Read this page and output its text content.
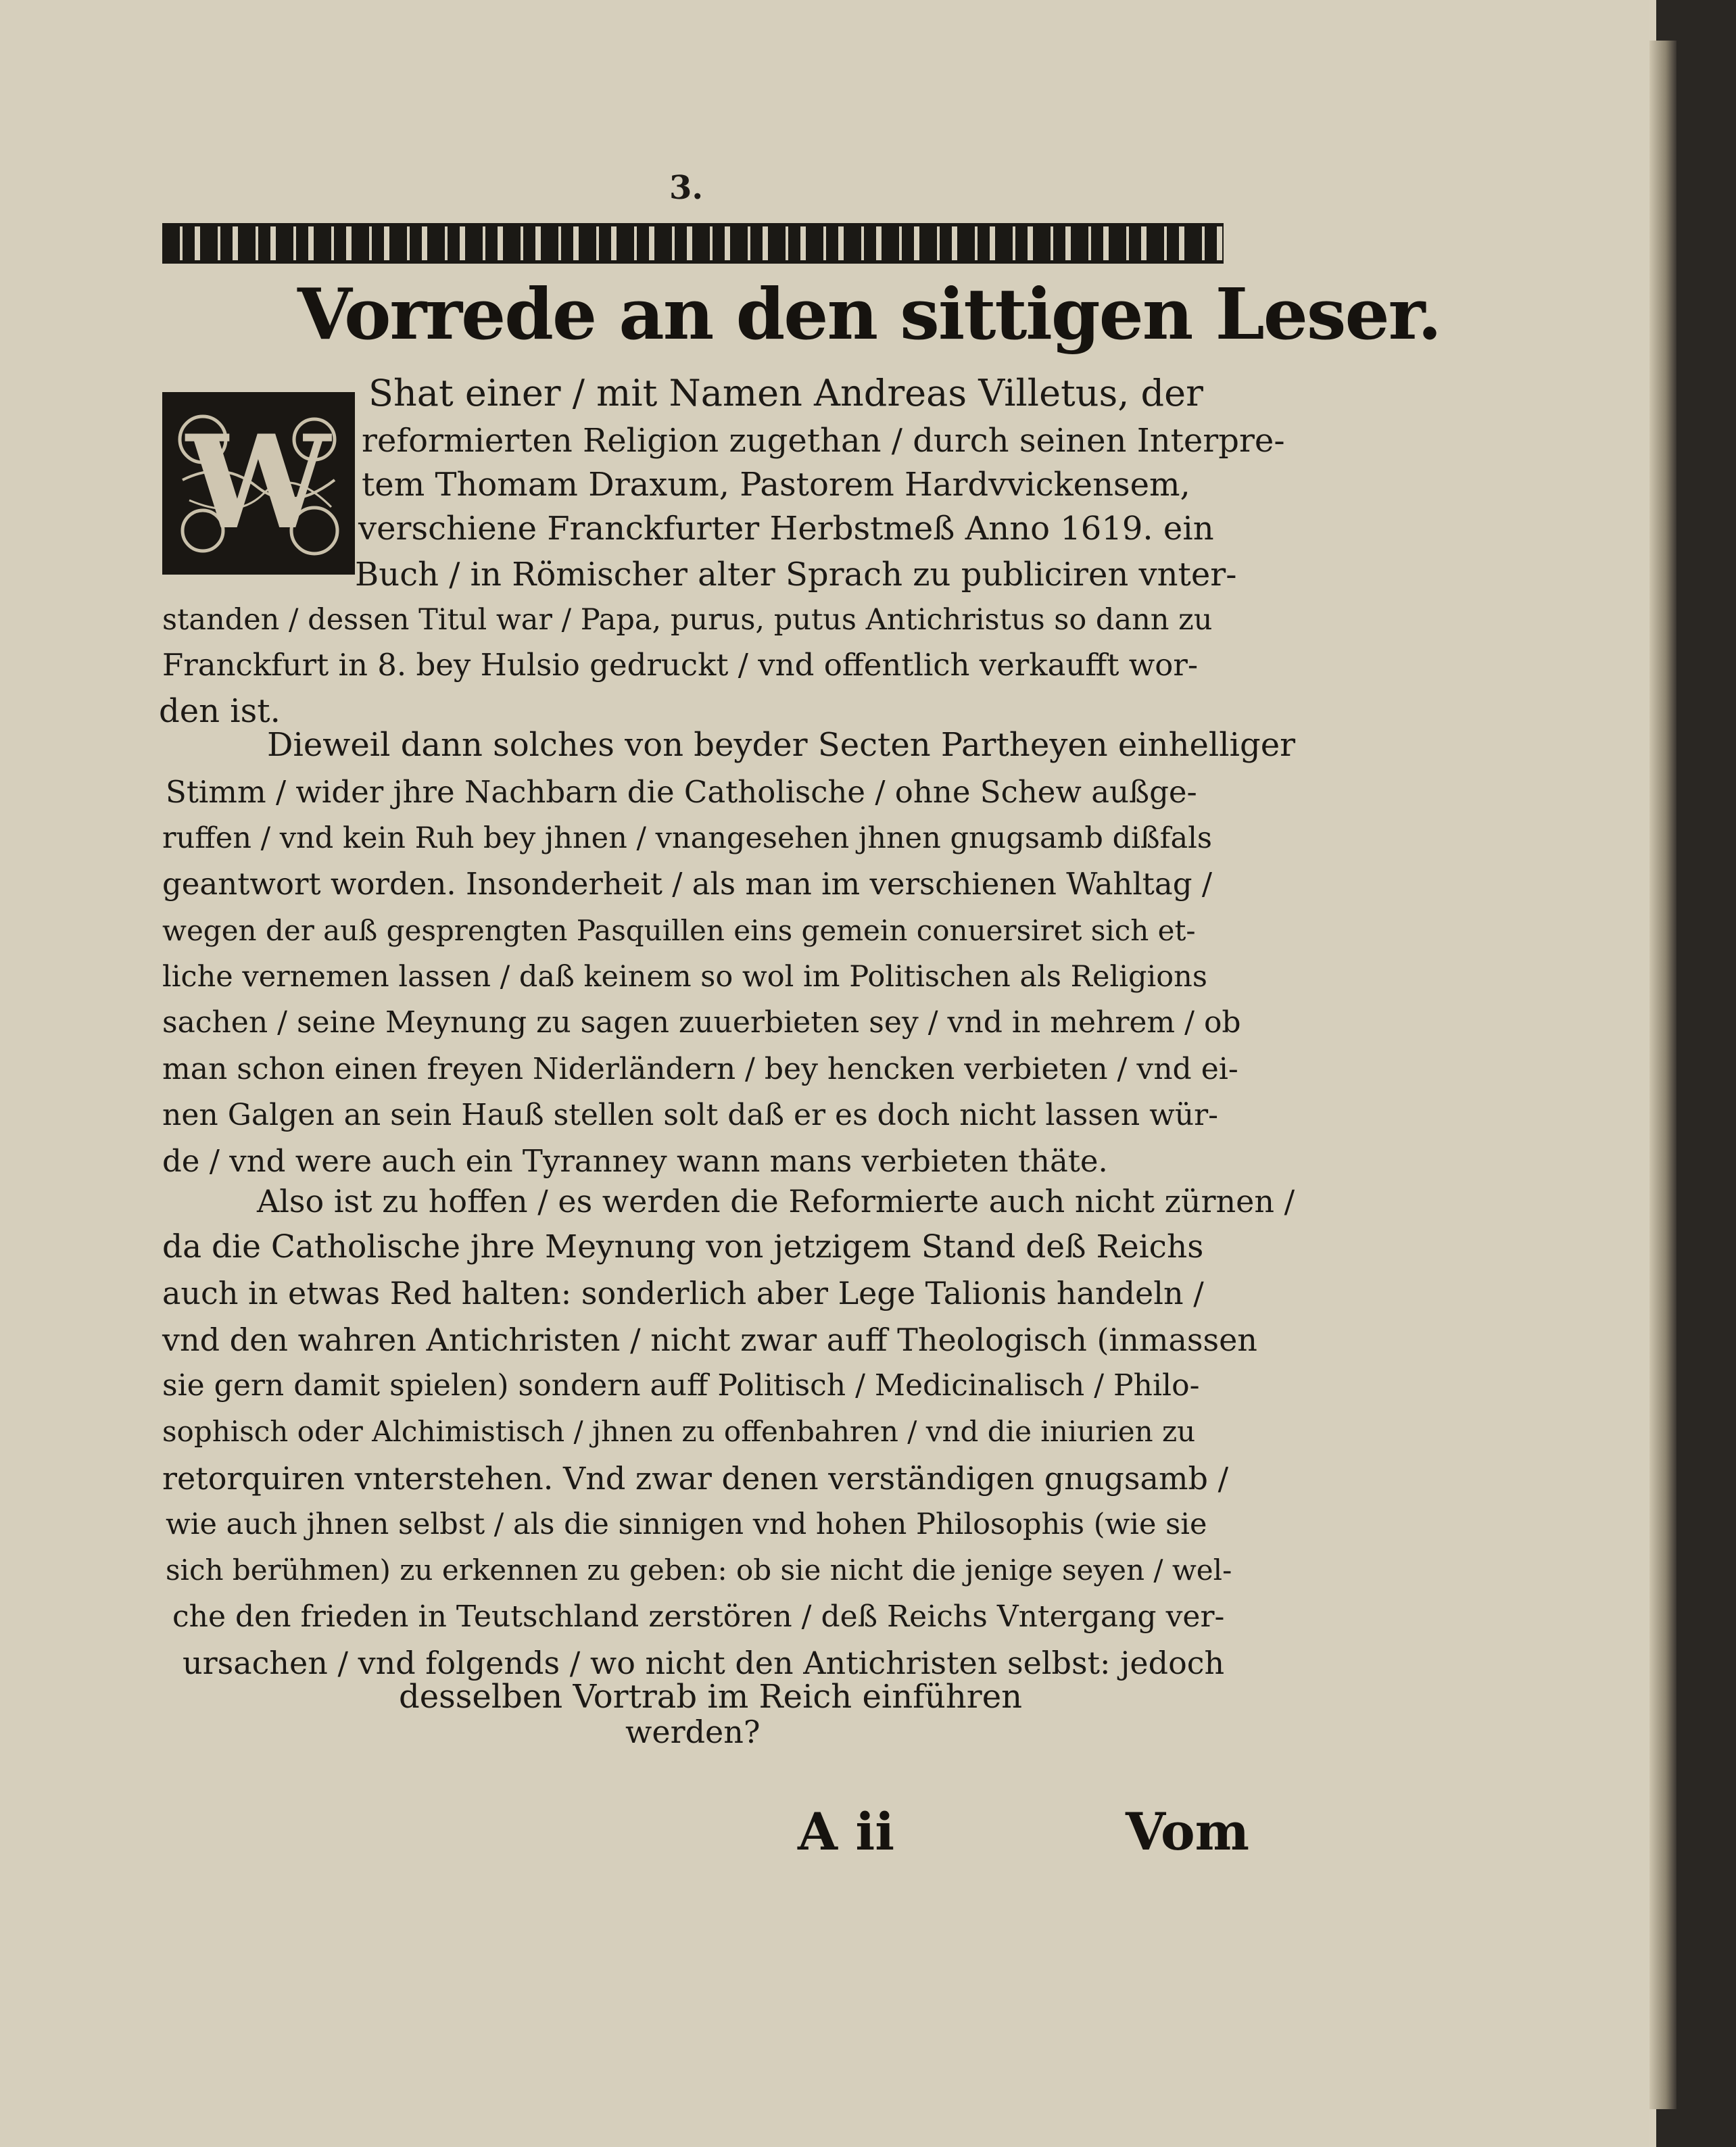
3.
Vorrede an den sittigen Leser.
W
Shat einer / mit Namen Andreas Villetus, der
reformierten Religion zugethan / durch seinen Interpre-
tem Thomam Draxum, Pastorem Hardvvickensem,
verschiene Franckfurter Herbstmeß Anno 1619. ein
Buch / in Römischer alter Sprach zu publiciren vnter-
standen / dessen Titul war / Papa, purus, putus Antichristus so dann zu
Franckfurt in 8. bey Hulsio gedruckt / vnd offentlich verkaufft wor-
den ist.
Dieweil dann solches von beyder Secten Partheyen einhelliger
Stimm / wider jhre Nachbarn die Catholische / ohne Schew außge-
ruffen / vnd kein Ruh bey jhnen / vnangesehen jhnen gnugsamb dißfals
geantwort worden. Insonderheit / als man im verschienen Wahltag /
wegen der auß gesprengten Pasquillen eins gemein conuersiret sich et-
liche vernemen lassen / daß keinem so wol im Politischen als Religions
sachen / seine Meynung zu sagen zuuerbieten sey / vnd in mehrem / ob
man schon einen freyen Niderländern / bey hencken verbieten / vnd ei-
nen Galgen an sein Hauß stellen solt daß er es doch nicht lassen wür-
de / vnd were auch ein Tyranney wann mans verbieten thäte.
Also ist zu hoffen / es werden die Reformierte auch nicht zürnen /
da die Catholische jhre Meynung von jetzigem Stand deß Reichs
auch in etwas Red halten: sonderlich aber Lege Talionis handeln /
vnd den wahren Antichristen / nicht zwar auff Theologisch (inmassen
sie gern damit spielen) sondern auff Politisch / Medicinalisch / Philo-
sophisch oder Alchimistisch / jhnen zu offenbahren / vnd die iniurien zu
retorquiren vnterstehen. Vnd zwar denen verständigen gnugsamb /
wie auch jhnen selbst / als die sinnigen vnd hohen Philosophis (wie sie
sich berühmen) zu erkennen zu geben: ob sie nicht die jenige seyen / wel-
che den frieden in Teutschland zerstören / deß Reichs Vntergang ver-
ursachen / vnd folgends / wo nicht den Antichristen selbst: jedoch
desselben Vortrab im Reich einführen
werden?
A ii	Vom
